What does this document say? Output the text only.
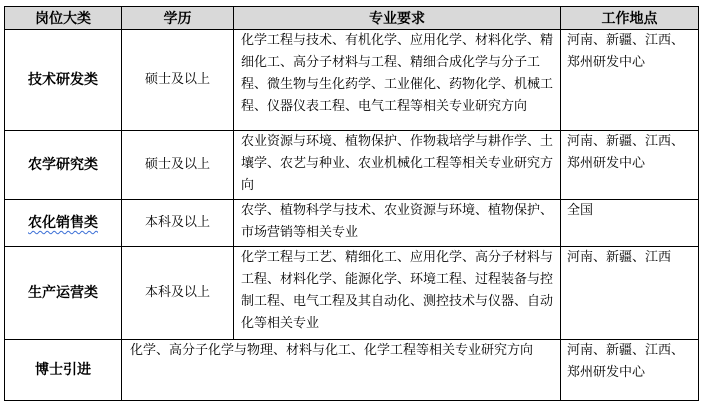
岗位大类	学历	专业要求	工作地点
技术研发类	硕士及以上	化学工程与技术、有机化学、应用化学、材料化学、精细化工、高分子材料与工程、精细合成化学与分子工程、微生物与生化药学、工业催化、药物化学、机械工程、仪器仪表工程、电气工程等相关专业研究方向	河南、新疆、江西、郑州研发中心
农学研究类	硕士及以上	农业资源与环境、植物保护、作物栽培学与耕作学、土壤学、农艺与种业、农业机械化工程等相关专业研究方向	河南、新疆、江西、郑州研发中心
农化销售类	本科及以上	农学、植物科学与技术、农业资源与环境、植物保护、市场营销等相关专业	全国
生产运营类	本科及以上	化学工程与工艺、精细化工、应用化学、高分子材料与工程、材料化学、能源化学、环境工程、过程装备与控制工程、电气工程及其自动化、测控技术与仪器、自动化等相关专业	河南、新疆、江西
博士引进	化学、高分子化学与物理、材料与化工、化学工程等相关专业研究方向		河南、新疆、江西、郑州研发中心
